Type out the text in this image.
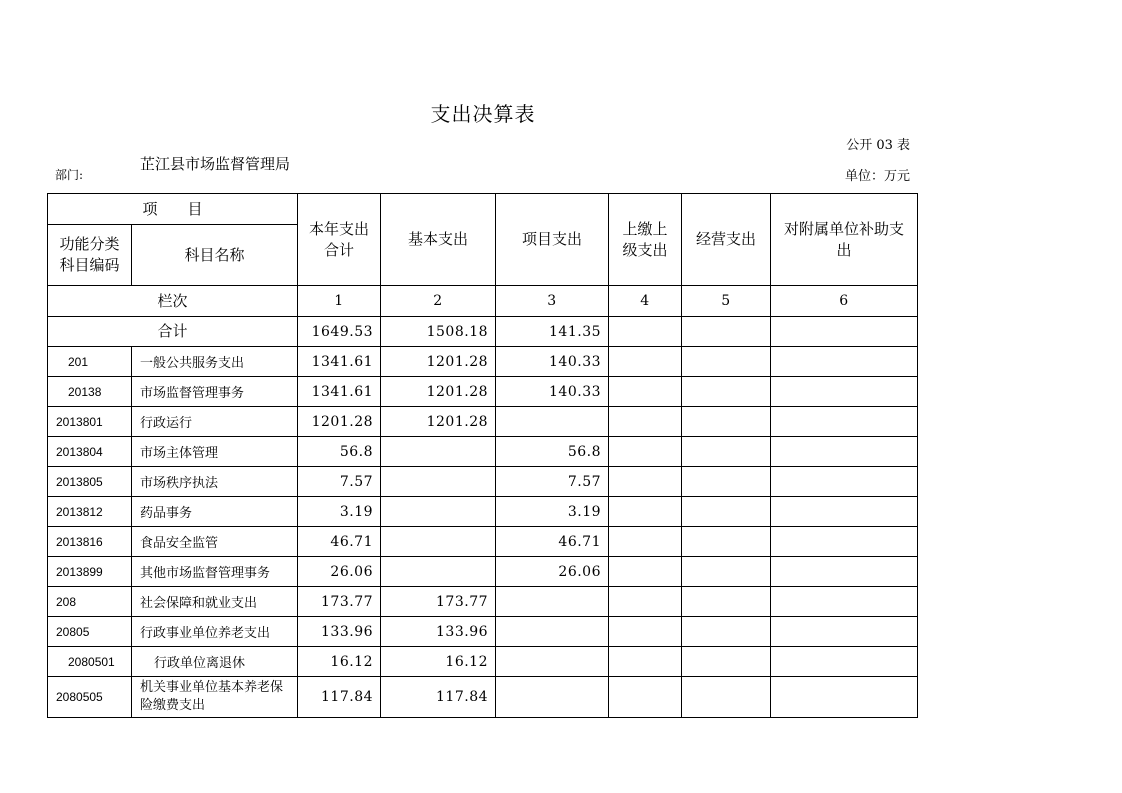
支出决算表
公开 03 表
部门:
芷江县市场监督管理局
单位：万元
项　　目		本年支出合计	基本支出	项目支出	上缴上级支出	经营支出	对附属单位补助支出
功能分类科目编码	科目名称						
栏次		1	2	3	4	5	6
合计		1649.53	1508.18	141.35			
201	一般公共服务支出	1341.61	1201.28	140.33			
20138	市场监督管理事务	1341.61	1201.28	140.33			
2013801	行政运行	1201.28	1201.28				
2013804	市场主体管理	56.8		56.8			
2013805	市场秩序执法	7.57		7.57			
2013812	药品事务	3.19		3.19			
2013816	食品安全监管	46.71		46.71			
2013899	其他市场监督管理事务	26.06		26.06			
208	社会保障和就业支出	173.77	173.77				
20805	行政事业单位养老支出	133.96	133.96				
2080501	行政单位离退休	16.12	16.12				
2080505	机关事业单位基本养老保险缴费支出	117.84	117.84				
